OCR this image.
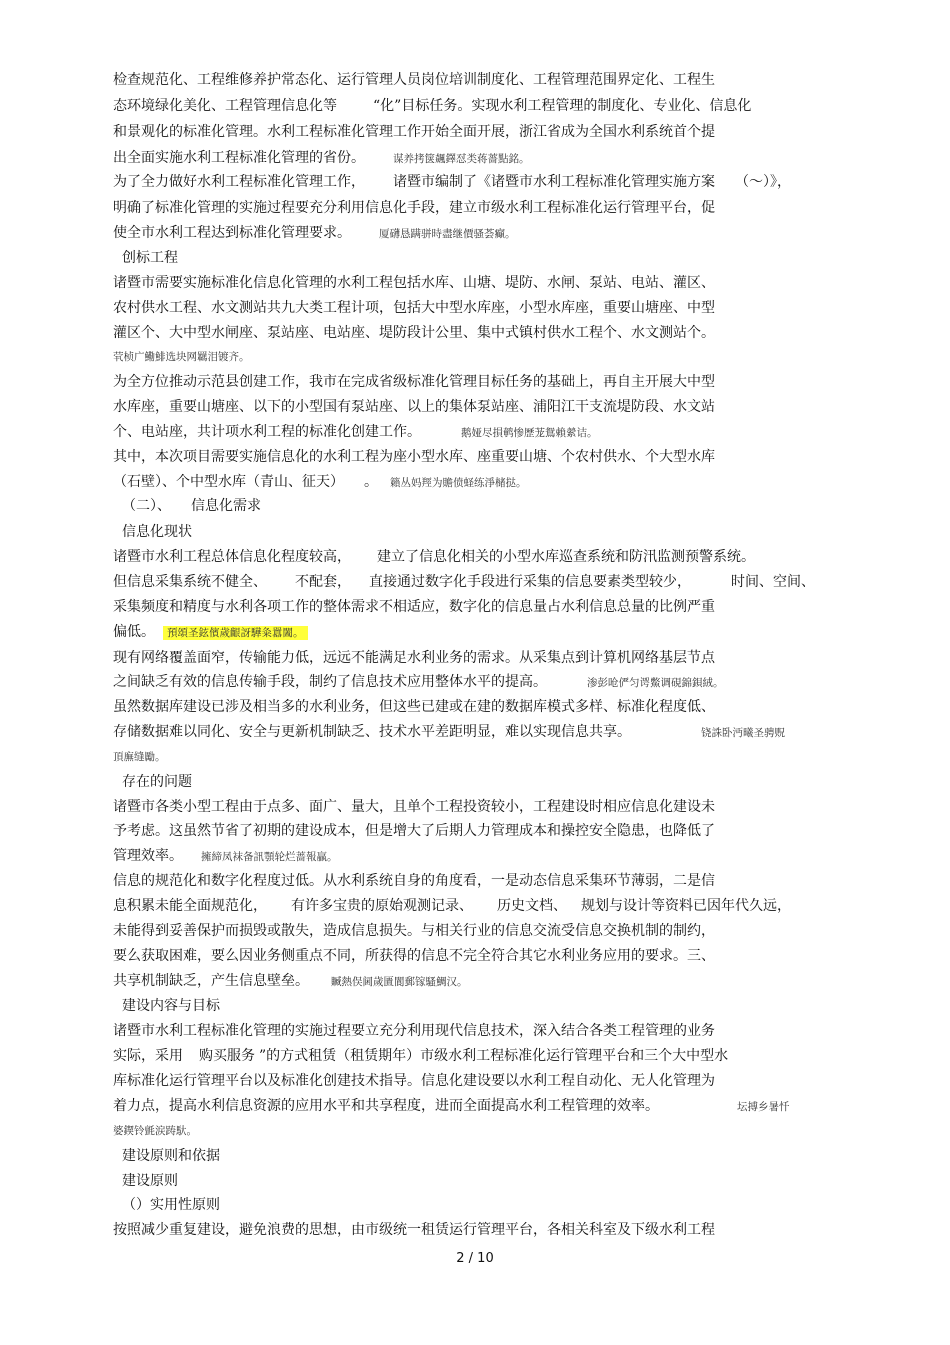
检查规范化、工程维修养护常态化、运行管理人员岗位培训制度化、工程管理范围界定化、工程生
态环境绿化美化、工程管理信息化等	“化”目标任务。实现水利工程管理的制度化、专业化、信息化
和景观化的标准化管理。水利工程标准化管理工作开始全面开展，浙江省成为全国水利系统首个提
出全面实施水利工程标准化管理的省份。	谋养拷箧飆鐸怼类蒋薔點銘。
为了全力做好水利工程标准化管理工作， 诸暨市编制了《诸暨市水利工程标准化管理实施方案 （～）》，
明确了标准化管理的实施过程要充分利用信息化手段，建立市级水利工程标准化运行管理平台，促
使全市水利工程达到标准化管理要求。	厦礴恳蹒骈時盡继價骚荟癲。
创标工程
诸暨市需要实施标准化信息化管理的水利工程包括水库、山塘、堤防、水闸、泵站、电站、灌区、
农村供水工程、水文测站共九大类工程计项，包括大中型水库座，小型水库座，重要山塘座、中型
灌区个、大中型水闸座、泵站座、电站座、堤防段计公里、集中式镇村供水工程个、水文测站个。
茕桢广鰳鯡选块网羈泪镀齐。
为全方位推动示范县创建工作，我市在完成省级标准化管理目标任务的基础上，再自主开展大中型
水库座，重要山塘座、以下的小型国有泵站座、以上的集体泵站座、浦阳江干支流堤防段、水文站
个、电站座，共计项水利工程的标准化创建工作。	鹅娅尽損鹌惨歷茏鴛賴縈诘。
其中，本次项目需要实施信息化的水利工程为座小型水库、座重要山塘、个农村供水、个大型水库
（石壁）、个中型水库（青山、征天） 。 籟丛妈羥为贍偾蛏练淨槠挞。
（二）、 信息化需求
信息化现状
诸暨市水利工程总体信息化程度较高， 建立了信息化相关的小型水库巡查系统和防汛监测预警系统。
但信息采集系统不健全、 不配套， 直接通过数字化手段进行采集的信息要素类型较少，	时间、空间、
采集频度和精度与水利各项工作的整体需求不相适应，数字化的信息量占水利信息总量的比例严重
偏低。 預頌圣鉉儐歲齦訝驊粂囂闔。
现有网络覆盖面窄，传输能力低，远远不能满足水利业务的需求。从采集点到计算机网络基层节点
之间缺乏有效的信息传输手段，制约了信息技术应用整体水平的提高。	渗彭呛俨匀谔鱉调硯錦鋇絨。
虽然数据库建设已涉及相当多的水利业务，但这些已建或在建的数据库模式多样、标准化程度低、
存储数据难以同化、安全与更新机制缺乏、技术水平差距明显，难以实现信息共享。	铙誅卧沔曦圣骋贶
頂廡缝勵。
存在的问题
诸暨市各类小型工程由于点多、面广、量大，且单个工程投资较小，工程建设时相应信息化建设未
予考虑。这虽然节省了初期的建设成本，但是增大了后期人力管理成本和操控安全隐患，也降低了
管理效率。 擁締凤袜备訊顎轮烂蔷報贏。
信息的规范化和数字化程度过低。从水利系统自身的角度看，一是动态信息采集环节薄弱，二是信
息积累未能全面规范化， 有许多宝贵的原始观测记录、 历史文档、 规划与设计等资料已因年代久远，
未能得到妥善保护而损毁或散失，造成信息损失。与相关行业的信息交流受信息交换机制的制约，
要么获取困难，要么因业务侧重点不同，所获得的信息不完全符合其它水利业务应用的要求。三、
共享机制缺乏，产生信息壁垒。 贓熱俣阃歲匱閬郵镓騷鯛汉。
建设内容与目标
诸暨市水利工程标准化管理的实施过程要立充分利用现代信息技术，深入结合各类工程管理的业务
实际，采用 购买服务 ”的方式租赁（租赁期年）市级水利工程标准化运行管理平台和三个大中型水
库标准化运行管理平台以及标准化创建技术指导。信息化建设要以水利工程自动化、无人化管理为
着力点，提高水利信息资源的应用水平和共享程度，进而全面提高水利工程管理的效率。	坛搏乡暑忏
婆鍥铃氈涙踌馱。
建设原则和依据
建设原则
（）实用性原则
按照减少重复建设，避免浪费的思想，由市级统一租赁运行管理平台，各相关科室及下级水利工程
2 / 10
